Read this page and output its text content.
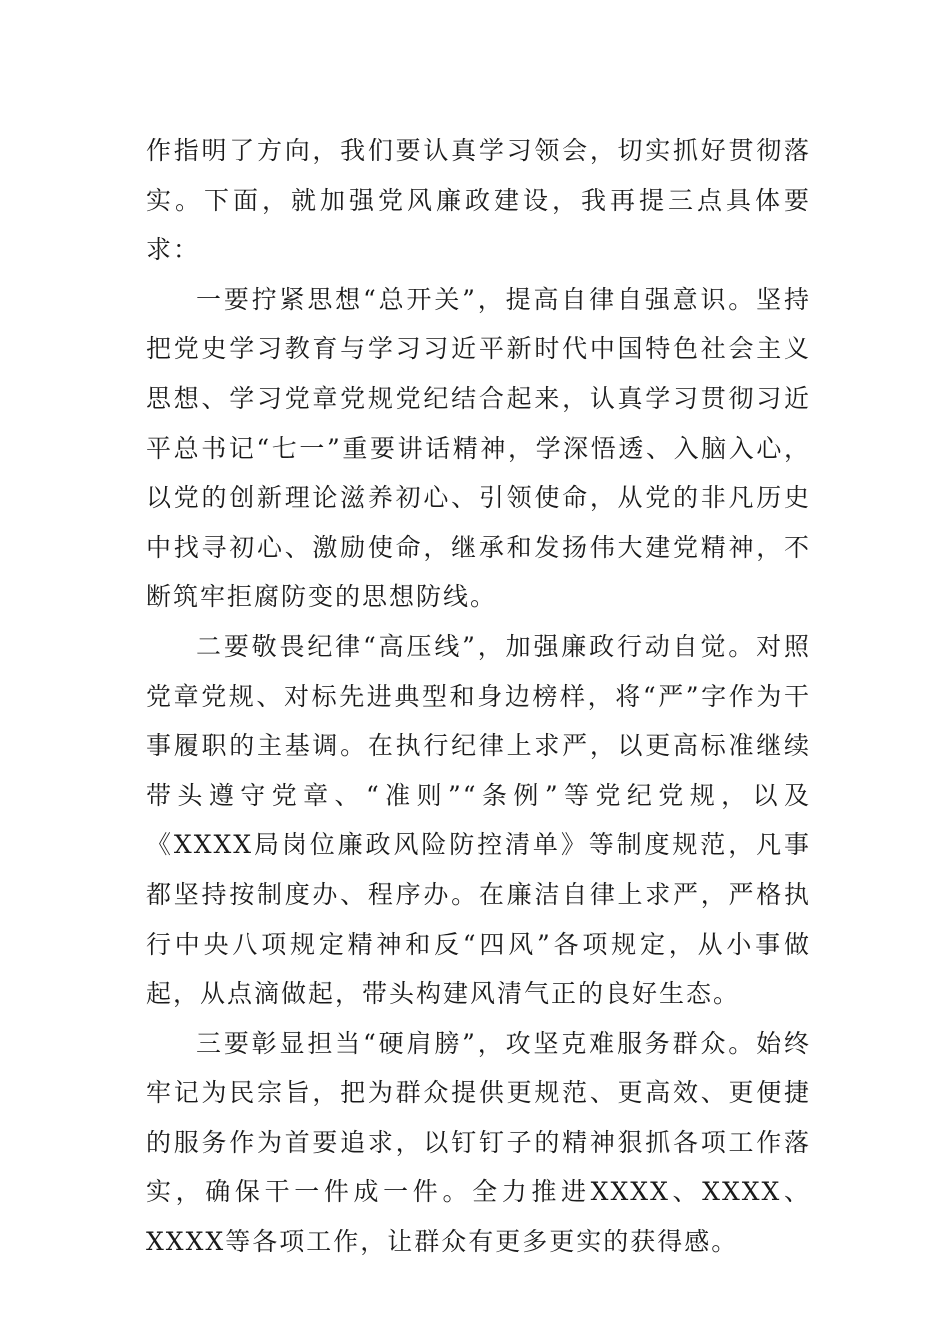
作指明了方向，我们要认真学习领会，切实抓好贯彻落实。下面，就加强党风廉政建设，我再提三点具体要求：

一要拧紧思想“总开关”，提高自律自强意识。坚持把党史学习教育与学习习近平新时代中国特色社会主义思想、学习党章党规党纪结合起来，认真学习贯彻习近平总书记“七一”重要讲话精神，学深悟透、入脑入心，以党的创新理论滋养初心、引领使命，从党的非凡历史中找寻初心、激励使命，继承和发扬伟大建党精神，不断筑牢拒腐防变的思想防线。

二要敬畏纪律“高压线”，加强廉政行动自觉。对照党章党规、对标先进典型和身边榜样，将“严”字作为干事履职的主基调。在执行纪律上求严，以更高标准继续带头遵守党章、“准则”“条例”等党纪党规，以及《XXXX局岗位廉政风险防控清单》等制度规范，凡事都坚持按制度办、程序办。在廉洁自律上求严，严格执行中央八项规定精神和反“四风”各项规定，从小事做起，从点滴做起，带头构建风清气正的良好生态。

三要彰显担当“硬肩膀”，攻坚克难服务群众。始终牢记为民宗旨，把为群众提供更规范、更高效、更便捷的服务作为首要追求，以钉钉子的精神狠抓各项工作落实，确保干一件成一件。全力推进XXXX、XXXX、XXXX等各项工作，让群众有更多更实的获得感。
